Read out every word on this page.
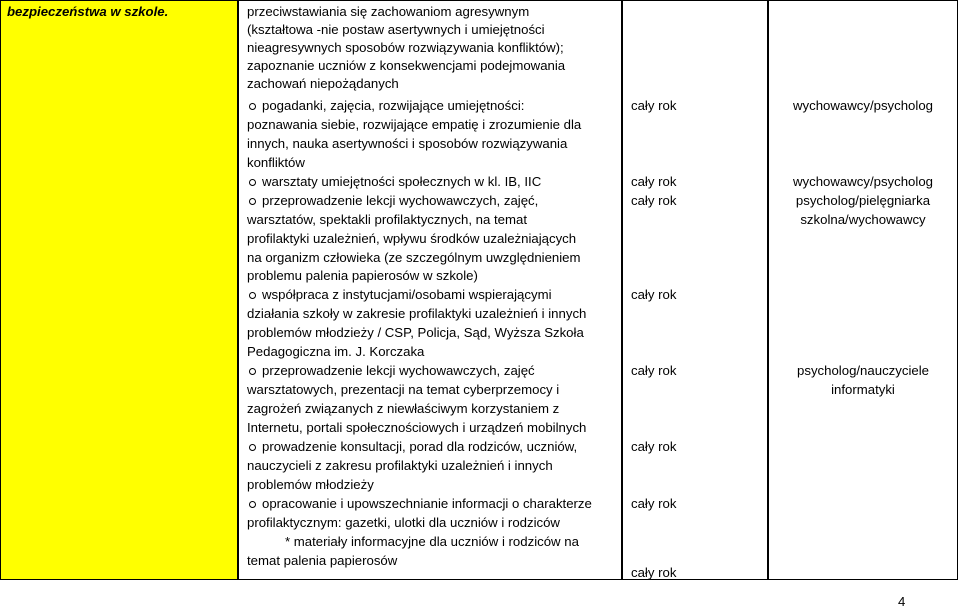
bezpieczeństwa w szkole.	przeciwstawiania się zachowaniom agresywnym
(kształtowa -nie postaw asertywnych i umiejętności
nieagresywnych sposobów rozwiązywania konfliktów);
zapoznanie uczniów z konsekwencjami podejmowania
zachowań niepożądanych
pogadanki, zajęcia, rozwijające umiejętności:
poznawania siebie, rozwijające empatię i zrozumienie dla
innych, nauka asertywności i sposobów rozwiązywania
konfliktów
warsztaty umiejętności społecznych w kl. IB, IIC
przeprowadzenie lekcji wychowawczych, zajęć,
warsztatów, spektakli profilaktycznych, na temat
profilaktyki uzależnień, wpływu środków uzależniających
na organizm człowieka (ze szczególnym uwzględnieniem
problemu palenia papierosów w szkole)
współpraca z instytucjami/osobami wspierającymi
działania szkoły w zakresie profilaktyki uzależnień i innych
problemów młodzieży / CSP, Policja, Sąd, Wyższa Szkoła
Pedagogiczna im. J. Korczaka
przeprowadzenie lekcji wychowawczych, zajęć
warsztatowych, prezentacji na temat cyberprzemocy i
zagrożeń związanych z niewłaściwym korzystaniem z
Internetu, portali społecznościowych i urządzeń mobilnych
prowadzenie konsultacji, porad dla rodziców, uczniów,
nauczycieli z zakresu profilaktyki uzależnień i innych
problemów młodzieży
opracowanie i upowszechnianie informacji o charakterze
profilaktycznym: gazetki, ulotki dla uczniów i rodziców
* materiały informacyjne dla uczniów i rodziców na
temat palenia papierosów
cały rok
cały rok
cały rok
cały rok
cały rok
cały rok
cały rok
cały rok
wychowawcy/psycholog
wychowawcy/psycholog
psycholog/pielęgniarka
szkolna/wychowawcy
psycholog/nauczyciele
informatyki
4
